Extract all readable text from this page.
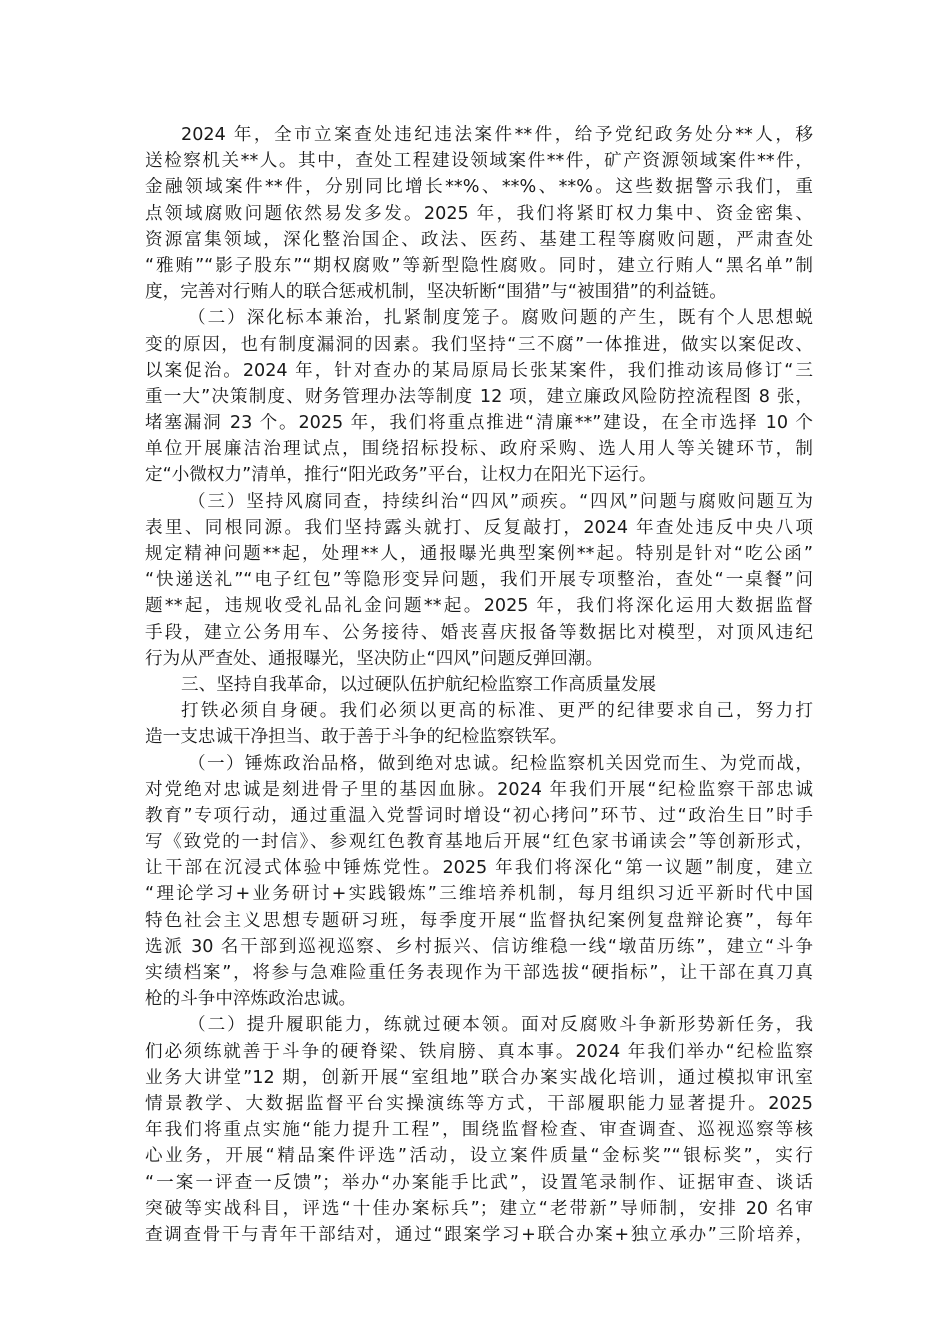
2024 年，全市立案查处违纪违法案件**件，给予党纪政务处分**人，移
送检察机关**人。其中，查处工程建设领域案件**件，矿产资源领域案件**件，
金融领域案件**件，分别同比增长**%、**%、**%。这些数据警示我们，重
点领域腐败问题依然易发多发。2025 年，我们将紧盯权力集中、资金密集、
资源富集领域，深化整治国企、政法、医药、基建工程等腐败问题，严肃查处
“雅贿”“影子股东”“期权腐败”等新型隐性腐败。同时，建立行贿人“黑名单”制
度，完善对行贿人的联合惩戒机制，坚决斩断“围猎”与“被围猎”的利益链。
（二）深化标本兼治，扎紧制度笼子。腐败问题的产生，既有个人思想蜕
变的原因，也有制度漏洞的因素。我们坚持“三不腐”一体推进，做实以案促改、
以案促治。2024 年，针对查办的某局原局长张某案件，我们推动该局修订“三
重一大”决策制度、财务管理办法等制度 12 项，建立廉政风险防控流程图 8 张，
堵塞漏洞 23 个。2025 年，我们将重点推进“清廉**”建设，在全市选择 10 个
单位开展廉洁治理试点，围绕招标投标、政府采购、选人用人等关键环节，制
定“小微权力”清单，推行“阳光政务”平台，让权力在阳光下运行。
（三）坚持风腐同查，持续纠治“四风”顽疾。“四风”问题与腐败问题互为
表里、同根同源。我们坚持露头就打、反复敲打，2024 年查处违反中央八项
规定精神问题**起，处理**人，通报曝光典型案例**起。特别是针对“吃公函”
“快递送礼”“电子红包”等隐形变异问题，我们开展专项整治，查处“一桌餐”问
题**起，违规收受礼品礼金问题**起。2025 年，我们将深化运用大数据监督
手段，建立公务用车、公务接待、婚丧喜庆报备等数据比对模型，对顶风违纪
行为从严查处、通报曝光，坚决防止“四风”问题反弹回潮。
三、坚持自我革命，以过硬队伍护航纪检监察工作高质量发展
打铁必须自身硬。我们必须以更高的标准、更严的纪律要求自己，努力打
造一支忠诚干净担当、敢于善于斗争的纪检监察铁军。
（一）锤炼政治品格，做到绝对忠诚。纪检监察机关因党而生、为党而战，
对党绝对忠诚是刻进骨子里的基因血脉。2024 年我们开展“纪检监察干部忠诚
教育”专项行动，通过重温入党誓词时增设“初心拷问”环节、过“政治生日”时手
写《致党的一封信》、参观红色教育基地后开展“红色家书诵读会”等创新形式，
让干部在沉浸式体验中锤炼党性。2025 年我们将深化“第一议题”制度，建立
“理论学习+业务研讨+实践锻炼”三维培养机制，每月组织习近平新时代中国
特色社会主义思想专题研习班，每季度开展“监督执纪案例复盘辩论赛”，每年
选派 30 名干部到巡视巡察、乡村振兴、信访维稳一线“墩苗历练”，建立“斗争
实绩档案”，将参与急难险重任务表现作为干部选拔“硬指标”，让干部在真刀真
枪的斗争中淬炼政治忠诚。
（二）提升履职能力，练就过硬本领。面对反腐败斗争新形势新任务，我
们必须练就善于斗争的硬脊梁、铁肩膀、真本事。2024 年我们举办“纪检监察
业务大讲堂”12 期，创新开展“室组地”联合办案实战化培训，通过模拟审讯室
情景教学、大数据监督平台实操演练等方式，干部履职能力显著提升。2025
年我们将重点实施“能力提升工程”，围绕监督检查、审查调查、巡视巡察等核
心业务，开展“精品案件评选”活动，设立案件质量“金标奖”“银标奖”，实行
“一案一评查一反馈”；举办“办案能手比武”，设置笔录制作、证据审查、谈话
突破等实战科目，评选“十佳办案标兵”；建立“老带新”导师制，安排 20 名审
查调查骨干与青年干部结对，通过“跟案学习+联合办案+独立承办”三阶培养，
